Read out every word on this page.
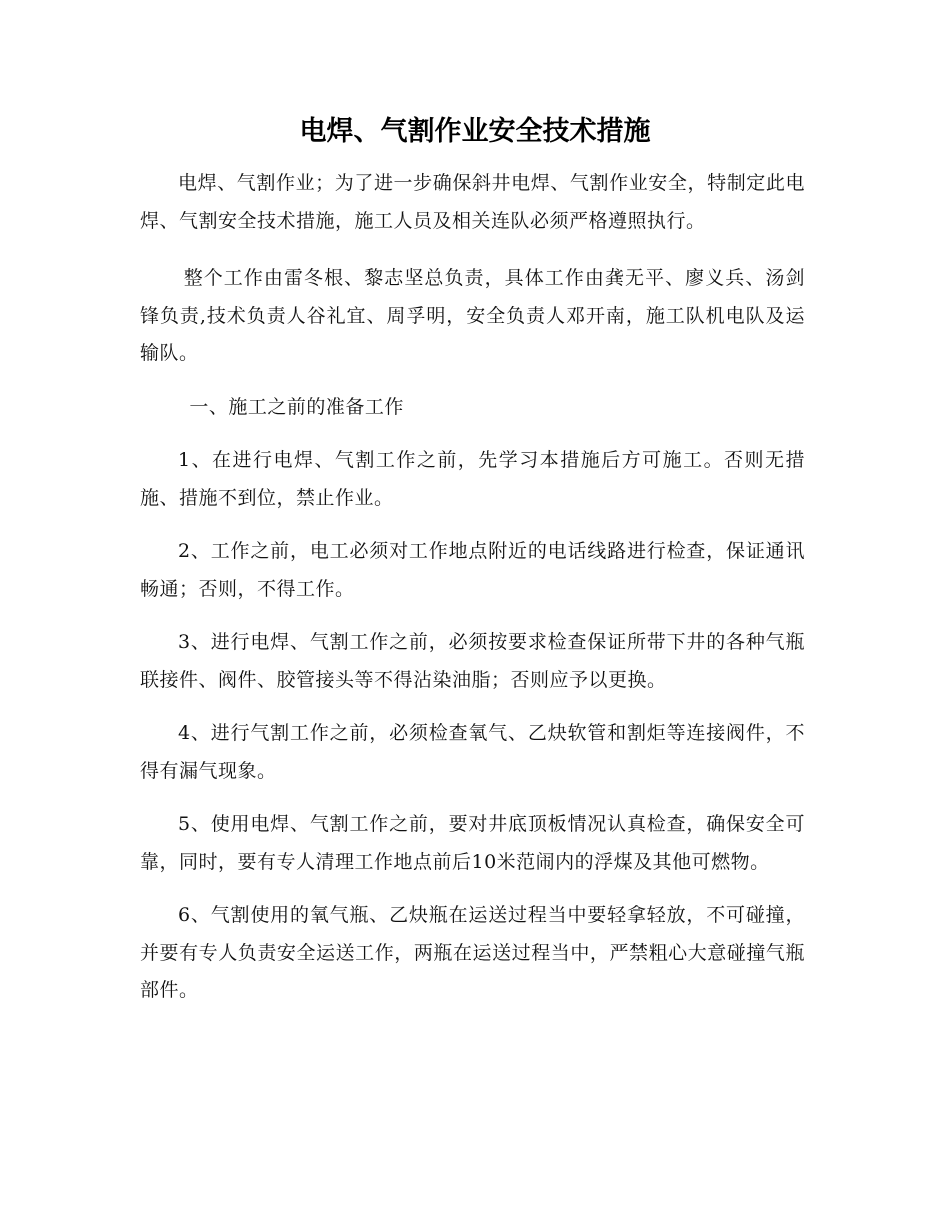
电焊、气割作业安全技术措施

电焊、气割作业；为了进一步确保斜井电焊、气割作业安全，特制定此电焊、气割安全技术措施，施工人员及相关连队必须严格遵照执行。

整个工作由雷冬根、黎志坚总负责，具体工作由龚无平、廖义兵、汤剑锋负责,技术负责人谷礼宜、周孚明，安全负责人邓开南，施工队机电队及运输队。

一、施工之前的准备工作

1、在进行电焊、气割工作之前，先学习本措施后方可施工。否则无措施、措施不到位，禁止作业。

2、工作之前，电工必须对工作地点附近的电话线路进行检查，保证通讯畅通；否则，不得工作。

3、进行电焊、气割工作之前，必须按要求检查保证所带下井的各种气瓶联接件、阀件、胶管接头等不得沾染油脂；否则应予以更换。

4、进行气割工作之前，必须检查氧气、乙炔软管和割炬等连接阀件，不得有漏气现象。

5、使用电焊、气割工作之前，要对井底顶板情况认真检查，确保安全可靠，同时，要有专人清理工作地点前后10米范闹内的浮煤及其他可燃物。

6、气割使用的氧气瓶、乙炔瓶在运送过程当中要轻拿轻放，不可碰撞，并要有专人负责安全运送工作，两瓶在运送过程当中，严禁粗心大意碰撞气瓶部件。
